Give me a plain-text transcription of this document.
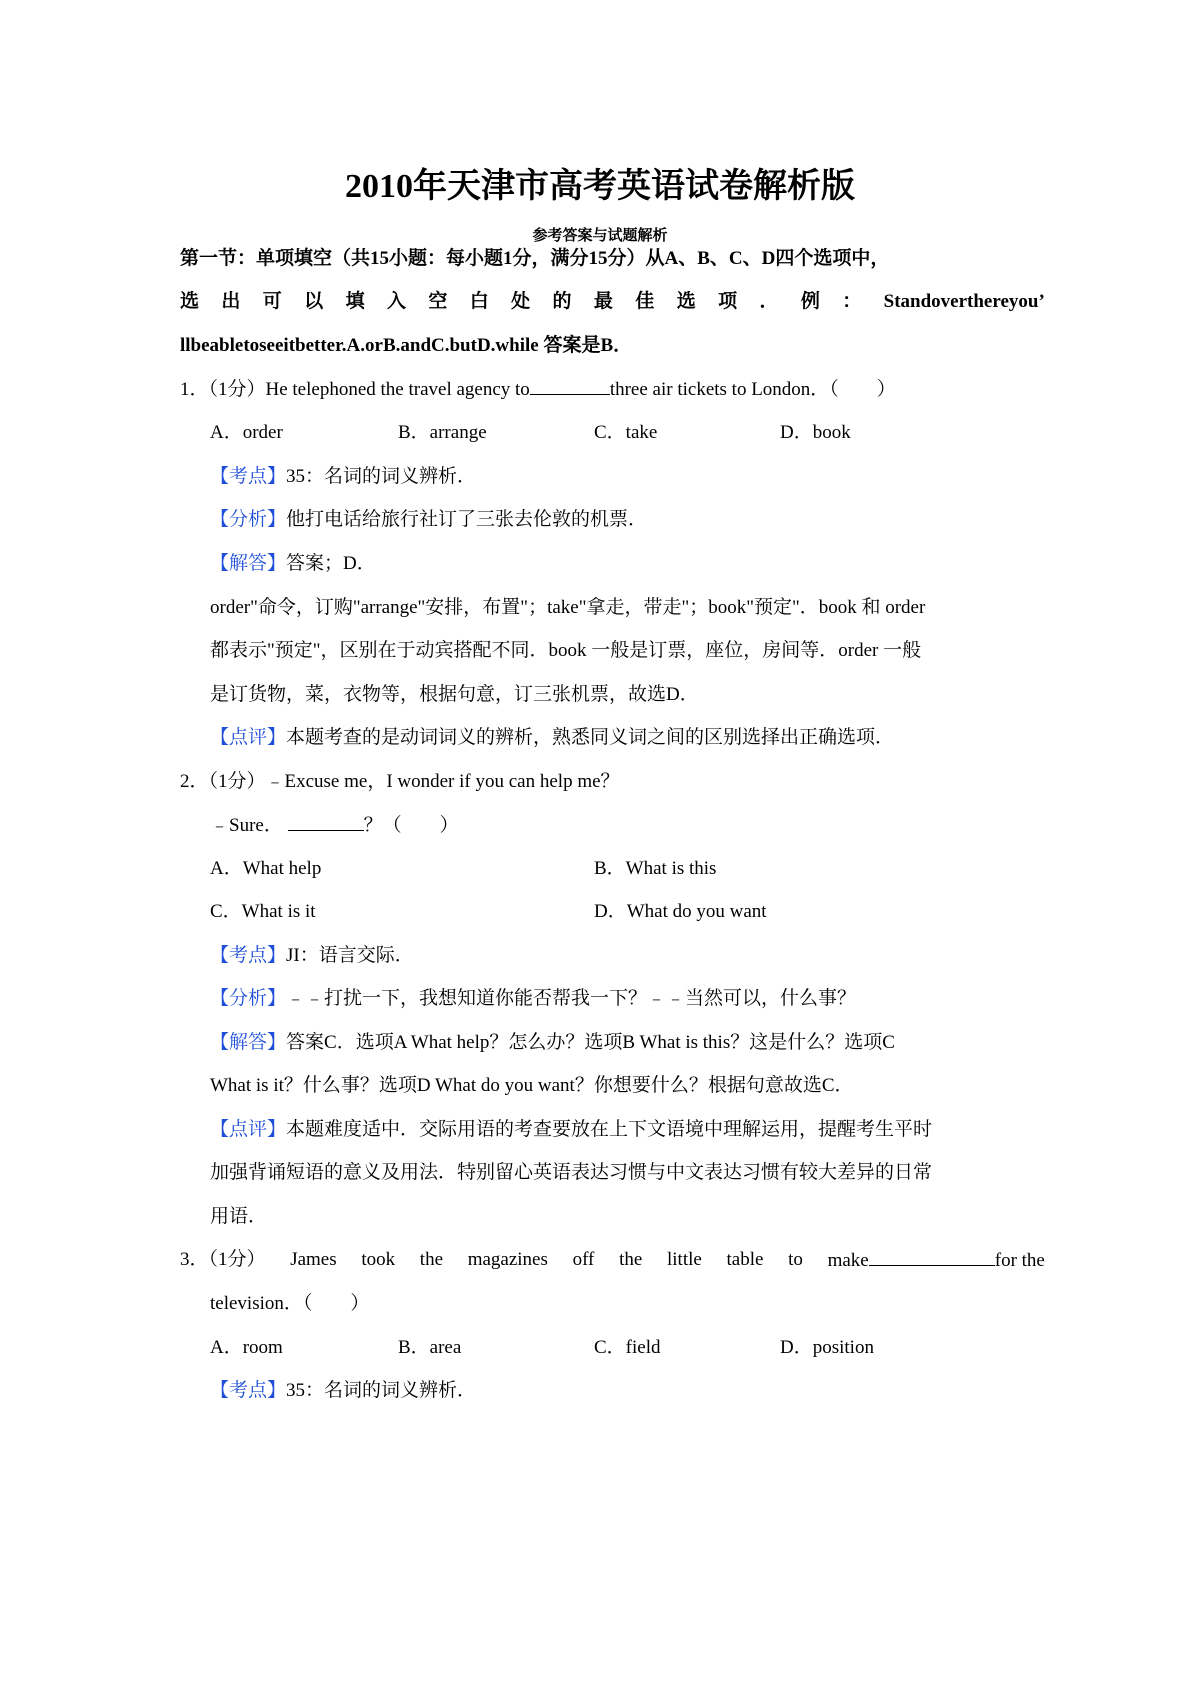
2010年天津市高考英语试卷解析版
参考答案与试题解析
第一节：单项填空（共15小题：每小题1分，满分15分）从A、B、C、D四个选项中，
选 出 可 以 填 入 空 白 处 的 最 佳 选 项 ． 例 ： Standoverthereyou’
llbeabletoseeitbetter.A.orB.andC.butD.while 答案是B．
1．（1分）He telephoned the travel agency to	three air tickets to London．（　　）
A．order	B．arrange	C．take	D．book
【考点】35：名词的词义辨析．
【分析】他打电话给旅行社订了三张去伦敦的机票．
【解答】答案；D．
order"命令，订购"arrange"安排，布置"；take"拿走，带走"；book"预定"．book 和 order
都表示"预定"，区别在于动宾搭配不同．book 一般是订票，座位，房间等．order 一般
是订货物，菜，衣物等，根据句意，订三张机票，故选D．
【点评】本题考查的是动词词义的辨析，熟悉同义词之间的区别选择出正确选项．
2．（1分）﹣Excuse me，I wonder if you can help me？
﹣Sure．	？（　　）
A．What help	B．What is this
C．What is it	D．What do you want
【考点】JI：语言交际．
【分析】﹣﹣打扰一下，我想知道你能否帮我一下？﹣﹣当然可以，什么事？
【解答】答案C．选项A What help？怎么办？选项B What is this？这是什么？选项C
What is it？什么事？选项D What do you want？你想要什么？根据句意故选C．
【点评】本题难度适中．交际用语的考查要放在上下文语境中理解运用，提醒考生平时
加强背诵短语的意义及用法．特别留心英语表达习惯与中文表达习惯有较大差异的日常
用语．
3．（1分） James took the magazines off the little table to make	for the
television．（　　）
A．room	B．area	C．field	D．position
【考点】35：名词的词义辨析．
